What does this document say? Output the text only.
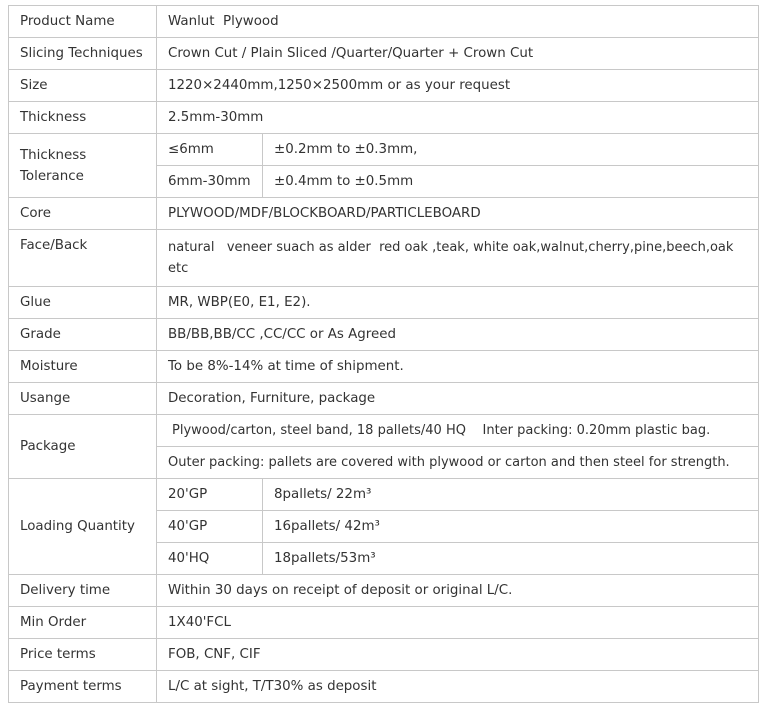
Product Name	Wanlut  Plywood	
Slicing Techniques	Crown Cut / Plain Sliced /Quarter/Quarter + Crown Cut	
Size	1220×2440mm,1250×2500mm or as your request	
Thickness	2.5mm-30mm	
Thickness Tolerance	≤6mm	±0.2mm to ±0.3mm,
	6mm-30mm	±0.4mm to ±0.5mm
Core	PLYWOOD/MDF/BLOCKBOARD/PARTICLEBOARD	
Face/Back	natural   veneer suach as alder  red oak ,teak, white oak,walnut,cherry,pine,beech,oak etc	
Glue	MR, WBP(E0, E1, E2).	
Grade	BB/BB,BB/CC ,CC/CC or As Agreed	
Moisture	To be 8%-14% at time of shipment.	
Usange	Decoration, Furniture, package	
Package	Plywood/carton, steel band, 18 pallets/40 HQ    Inter packing: 0.20mm plastic bag.	
	Outer packing: pallets are covered with plywood or carton and then steel for strength.	
Loading Quantity	20'GP	8pallets/ 22m³
	40'GP	16pallets/ 42m³
	40'HQ	18pallets/53m³
Delivery time	Within 30 days on receipt of deposit or original L/C.	
Min Order	1X40'FCL	
Price terms	FOB, CNF, CIF	
Payment terms	L/C at sight, T/T30% as deposit	
